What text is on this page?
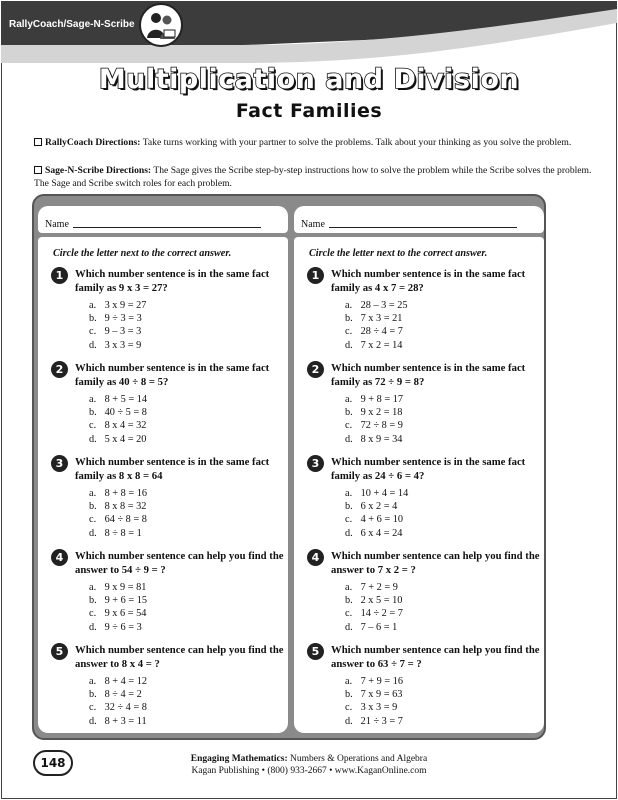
RallyCoach/Sage-N-Scribe
Multiplication and Division
Fact Families
RallyCoach Directions: Take turns working with your partner to solve the problems. Talk about your thinking as you solve the problem.
Sage-N-Scribe Directions: The Sage gives the Scribe step-by-step instructions how to solve the problem while the Scribe solves the problem. The Sage and Scribe switch roles for each problem.
Name
Circle the letter next to the correct answer.
1	Which number sentence is in the same fact family as 9 x 3 = 27?
a. 3 x 9 = 27
b. 9 ÷ 3 = 3
c. 9 – 3 = 3
d. 3 x 3 = 9
2	Which number sentence is in the same fact family as 40 ÷ 8 = 5?
a. 8 + 5 = 14
b. 40 ÷ 5 = 8
c. 8 x 4 = 32
d. 5 x 4 = 20
3	Which number sentence is in the same fact family as 8 x 8 = 64
a. 8 + 8 = 16
b. 8 x 8 = 32
c. 64 ÷ 8 = 8
d. 8 ÷ 8 = 1
4	Which number sentence can help you find the answer to 54 ÷ 9 = ?
a. 9 x 9 = 81
b. 9 + 6 = 15
c. 9 x 6 = 54
d. 9 ÷ 6 = 3
5	Which number sentence can help you find the answer to 8 x 4 = ?
a. 8 + 4 = 12
b. 8 ÷ 4 = 2
c. 32 ÷ 4 = 8
d. 8 + 3 = 11
Name
Circle the letter next to the correct answer.
1	Which number sentence is in the same fact family as 4 x 7 = 28?
a. 28 – 3 = 25
b. 7 x 3 = 21
c. 28 ÷ 4 = 7
d. 7 x 2 = 14
2	Which number sentence is in the same fact family as 72 ÷ 9 = 8?
a. 9 + 8 = 17
b. 9 x 2 = 18
c. 72 ÷ 8 = 9
d. 8 x 9 = 34
3	Which number sentence is in the same fact family as 24 ÷ 6 = 4?
a. 10 + 4 = 14
b. 6 x 2 = 4
c. 4 + 6 = 10
d. 6 x 4 = 24
4	Which number sentence can help you find the answer to 7 x 2 = ?
a. 7 + 2 = 9
b. 2 x 5 = 10
c. 14 ÷ 2 = 7
d. 7 – 6 = 1
5	Which number sentence can help you find the answer to 63 ÷ 7 = ?
a. 7 + 9 = 16
b. 7 x 9 = 63
c. 3 x 3 = 9
d. 21 ÷ 3 = 7
148	Engaging Mathematics: Numbers & Operations and Algebra
Kagan Publishing • (800) 933-2667 • www.KaganOnline.com
